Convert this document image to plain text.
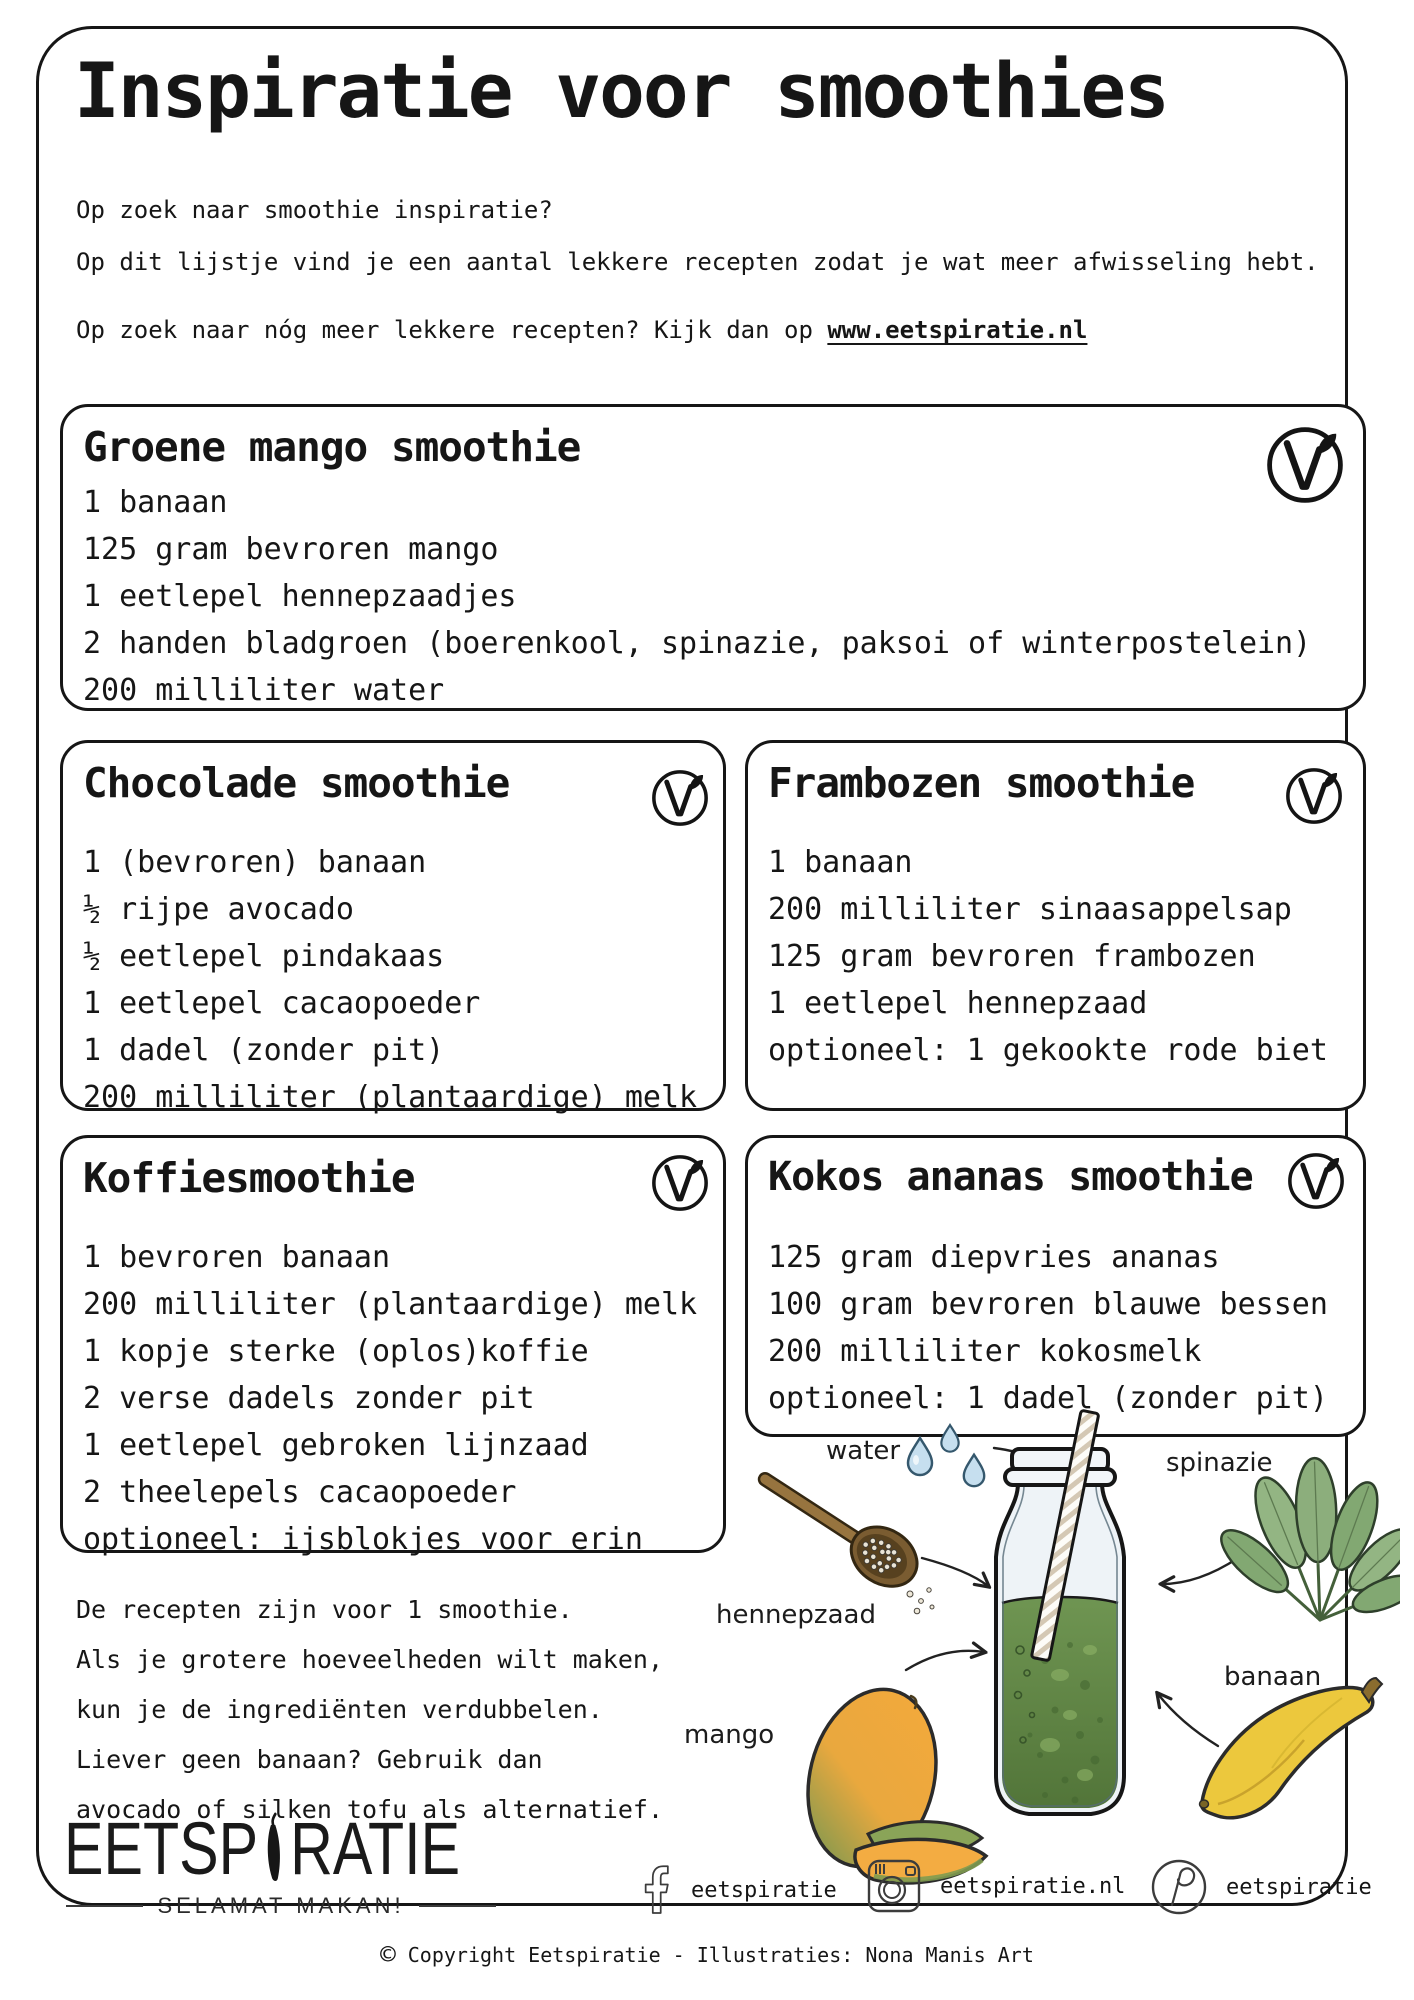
Inspiratie voor smoothies
Op zoek naar smoothie inspiratie?
Op dit lijstje vind je een aantal lekkere recepten zodat je wat meer afwisseling hebt.
Op zoek naar nóg meer lekkere recepten? Kijk dan op www.eetspiratie.nl
Groene mango smoothie
1 banaan
125 gram bevroren mango
1 eetlepel hennepzaadjes
2 handen bladgroen (boerenkool, spinazie, paksoi of winterpostelein)
200 milliliter water
Chocolade smoothie
1 (bevroren) banaan
½ rijpe avocado
½ eetlepel pindakaas
1 eetlepel cacaopoeder
1 dadel (zonder pit)
200 milliliter (plantaardige) melk
Frambozen smoothie
1 banaan
200 milliliter sinaasappelsap
125 gram bevroren frambozen
1 eetlepel hennepzaad
optioneel: 1 gekookte rode biet
Koffiesmoothie
1 bevroren banaan
200 milliliter (plantaardige) melk
1 kopje sterke (oplos)koffie
2 verse dadels zonder pit
1 eetlepel gebroken lijnzaad
2 theelepels cacaopoeder
optioneel: ijsblokjes voor erin
Kokos ananas smoothie
125 gram diepvries ananas
100 gram bevroren blauwe bessen
200 milliliter kokosmelk
optioneel: 1 dadel (zonder pit)
De recepten zijn voor 1 smoothie.
Als je grotere hoeveelheden wilt maken,
kun je de ingrediënten verdubbelen.
Liever geen banaan? Gebruik dan
avocado of silken tofu als alternatief.
water	spinazie
hennepzaad
mango
banaan
EETSP RATIE
SELAMAT MAKAN!
eetspiratie	eetspiratie.nl	eetspiratie
© Copyright Eetspiratie - Illustraties: Nona Manis Art
